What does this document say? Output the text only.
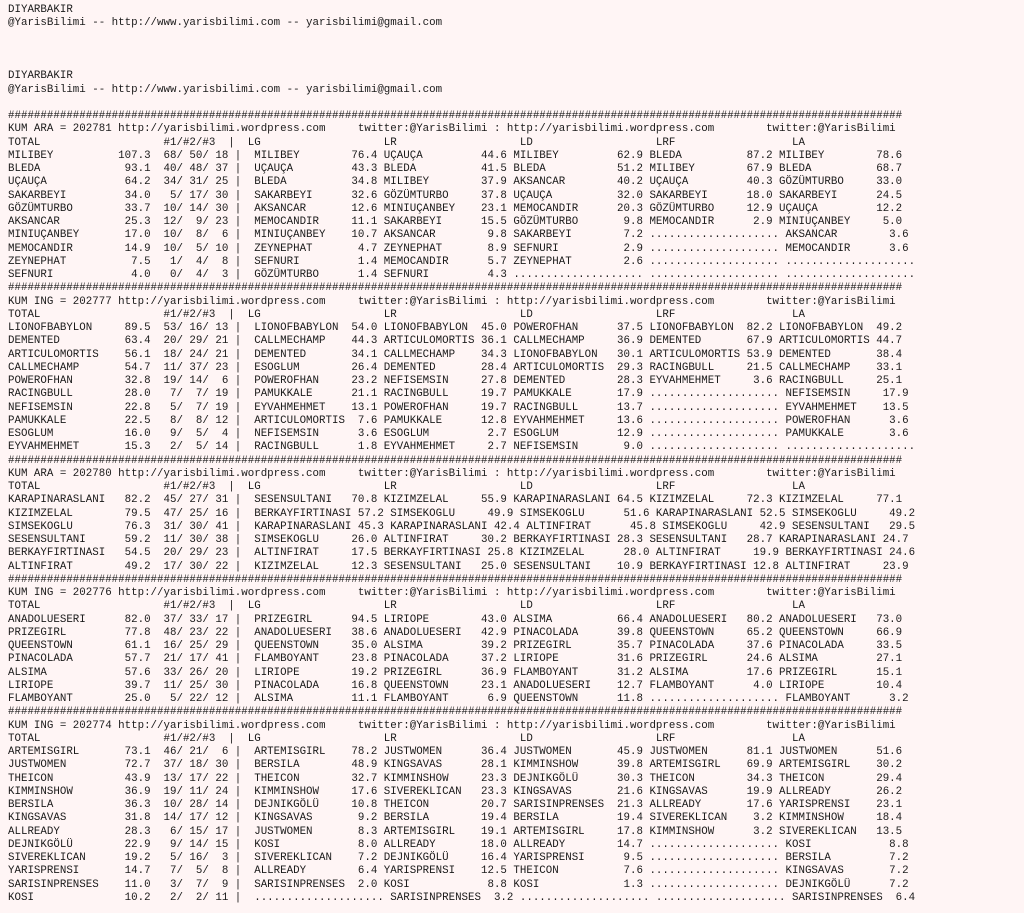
DIYARBAKIR
@YarisBilimi -- http://www.yarisbilimi.com -- yarisbilimi@gmail.com
DIYARBAKIR
@YarisBilimi -- http://www.yarisbilimi.com -- yarisbilimi@gmail.com
##########################################################################################################################################
KUM ARA = 202781 http://yarisbilimi.wordpress.com     twitter:@YarisBilimi : http://yarisbilimi.wordpress.com        twitter:@YarisBilimi
TOTAL                   #1/#2/#3  |  LG                   LR                   LD                   LRF                  LA
MILIBEY          107.3  68/ 50/ 18 |  MILIBEY        76.4 UÇAUÇA         44.6 MILIBEY         62.9 BLEDA          87.2 MILIBEY        78.6
BLEDA             93.1  40/ 48/ 37 |  UÇAUÇA         43.3 BLEDA          41.5 BLEDA           51.2 MILIBEY        67.9 BLEDA          68.7
UÇAUÇA            64.2  34/ 31/ 25 |  BLEDA          34.8 MILIBEY        37.9 AKSANCAR        40.2 UÇAUÇA         40.3 GÖZÜMTURBO     33.0
SAKARBEYI         34.0   5/ 17/ 30 |  SAKARBEYI      32.6 GÖZÜMTURBO     37.8 UÇAUÇA          32.0 SAKARBEYI      18.0 SAKARBEYI      24.5
GÖZÜMTURBO        33.7  10/ 14/ 30 |  AKSANCAR       12.6 MINIUÇANBEY    23.1 MEMOCANDIR      20.3 GÖZÜMTURBO     12.9 UÇAUÇA         12.2
AKSANCAR          25.3  12/  9/ 23 |  MEMOCANDIR     11.1 SAKARBEYI      15.5 GÖZÜMTURBO       9.8 MEMOCANDIR      2.9 MINIUÇANBEY     5.0
MINIUÇANBEY       17.0  10/  8/  6 |  MINIUÇANBEY    10.7 AKSANCAR        9.8 SAKARBEYI        7.2 .................... AKSANCAR        3.6
MEMOCANDIR        14.9  10/  5/ 10 |  ZEYNEPHAT       4.7 ZEYNEPHAT       8.9 SEFNURI          2.9 .................... MEMOCANDIR      3.6
ZEYNEPHAT          7.5   1/  4/  8 |  SEFNURI         1.4 MEMOCANDIR      5.7 ZEYNEPHAT        2.6 .................... ....................
SEFNURI            4.0   0/  4/  3 |  GÖZÜMTURBO      1.4 SEFNURI         4.3 .................... .................... ....................
##########################################################################################################################################
KUM ING = 202777 http://yarisbilimi.wordpress.com     twitter:@YarisBilimi : http://yarisbilimi.wordpress.com        twitter:@YarisBilimi
TOTAL                   #1/#2/#3  |  LG                   LR                   LD                   LRF                  LA
LIONOFBABYLON     89.5  53/ 16/ 13 |  LIONOFBABYLON  54.0 LIONOFBABYLON  45.0 POWEROFHAN      37.5 LIONOFBABYLON  82.2 LIONOFBABYLON  49.2
DEMENTED          63.4  20/ 29/ 21 |  CALLMECHAMP    44.3 ARTICULOMORTIS 36.1 CALLMECHAMP     36.9 DEMENTED       67.9 ARTICULOMORTIS 44.7
ARTICULOMORTIS    56.1  18/ 24/ 21 |  DEMENTED       34.1 CALLMECHAMP    34.3 LIONOFBABYLON   30.1 ARTICULOMORTIS 53.9 DEMENTED       38.4
CALLMECHAMP       54.7  11/ 37/ 23 |  ESOGLUM        26.4 DEMENTED       28.4 ARTICULOMORTIS  29.3 RACINGBULL     21.5 CALLMECHAMP    33.1
POWEROFHAN        32.8  19/ 14/  6 |  POWEROFHAN     23.2 NEFISEMSIN     27.8 DEMENTED        28.3 EYVAHMEHMET     3.6 RACINGBULL     25.1
RACINGBULL        28.0   7/  7/ 19 |  PAMUKKALE      21.1 RACINGBULL     19.7 PAMUKKALE       17.9 .................... NEFISEMSIN     17.9
NEFISEMSIN        22.8   5/  7/ 19 |  EYVAHMEHMET    13.1 POWEROFHAN     19.7 RACINGBULL      13.7 .................... EYVAHMEHMET    13.5
PAMUKKALE         22.5   8/  8/ 12 |  ARTICULOMORTIS  7.6 PAMUKKALE      12.8 EYVAHMEHMET     13.6 .................... POWEROFHAN      3.6
ESOGLUM           16.0   9/  5/  4 |  NEFISEMSIN      3.6 ESOGLUM         2.7 ESOGLUM         12.9 .................... PAMUKKALE       3.6
EYVAHMEHMET       15.3   2/  5/ 14 |  RACINGBULL      1.8 EYVAHMEHMET     2.7 NEFISEMSIN       9.0 .................... ....................
##########################################################################################################################################
KUM ARA = 202780 http://yarisbilimi.wordpress.com     twitter:@YarisBilimi : http://yarisbilimi.wordpress.com        twitter:@YarisBilimi
TOTAL                   #1/#2/#3  |  LG                   LR                   LD                   LRF                  LA
KARAPINARASLANI   82.2  45/ 27/ 31 |  SESENSULTANI   70.8 KIZIMZELAL     55.9 KARAPINARASLANI 64.5 KIZIMZELAL     72.3 KIZIMZELAL     77.1
KIZIMZELAL        79.5  47/ 25/ 16 |  BERKAYFIRTINASI 57.2 SIMSEKOGLU     49.9 SIMSEKOGLU      51.6 KARAPINARASLANI 52.5 SIMSEKOGLU     49.2
SIMSEKOGLU        76.3  31/ 30/ 41 |  KARAPINARASLANI 45.3 KARAPINARASLANI 42.4 ALTINFIRAT      45.8 SIMSEKOGLU     42.9 SESENSULTANI   29.5
SESENSULTANI      59.2  11/ 30/ 38 |  SIMSEKOGLU     26.0 ALTINFIRAT     30.2 BERKAYFIRTINASI 28.3 SESENSULTANI   28.7 KARAPINARASLANI 24.7
BERKAYFIRTINASI   54.5  20/ 29/ 23 |  ALTINFIRAT     17.5 BERKAYFIRTINASI 25.8 KIZIMZELAL      28.0 ALTINFIRAT     19.9 BERKAYFIRTINASI 24.6
ALTINFIRAT        49.2  17/ 30/ 22 |  KIZIMZELAL     12.3 SESENSULTANI   25.0 SESENSULTANI    10.9 BERKAYFIRTINASI 12.8 ALTINFIRAT     23.9
##########################################################################################################################################
KUM ING = 202776 http://yarisbilimi.wordpress.com     twitter:@YarisBilimi : http://yarisbilimi.wordpress.com        twitter:@YarisBilimi
TOTAL                   #1/#2/#3  |  LG                   LR                   LD                   LRF                  LA
ANADOLUESERI      82.0  37/ 33/ 17 |  PRIZEGIRL      94.5 LIRIOPE        43.0 ALSIMA          66.4 ANADOLUESERI   80.2 ANADOLUESERI   73.0
PRIZEGIRL         77.8  48/ 23/ 22 |  ANADOLUESERI   38.6 ANADOLUESERI   42.9 PINACOLADA      39.8 QUEENSTOWN     65.2 QUEENSTOWN     66.9
QUEENSTOWN        61.1  16/ 25/ 29 |  QUEENSTOWN     35.0 ALSIMA         39.2 PRIZEGIRL       35.7 PINACOLADA     37.6 PINACOLADA     33.5
PINACOLADA        57.7  21/ 17/ 41 |  FLAMBOYANT     23.8 PINACOLADA     37.2 LIRIOPE         31.6 PRIZEGIRL      24.6 ALSIMA         27.1
ALSIMA            57.6  33/ 26/ 20 |  LIRIOPE        19.2 PRIZEGIRL      36.9 FLAMBOYANT      31.2 ALSIMA         17.6 PRIZEGIRL      15.1
LIRIOPE           39.7  11/ 25/ 30 |  PINACOLADA     16.8 QUEENSTOWN     23.1 ANADOLUESERI    12.7 FLAMBOYANT      4.0 LIRIOPE        10.4
FLAMBOYANT        25.0   5/ 22/ 12 |  ALSIMA         11.1 FLAMBOYANT      6.9 QUEENSTOWN      11.8 .................... FLAMBOYANT      3.2
##########################################################################################################################################
KUM ING = 202774 http://yarisbilimi.wordpress.com     twitter:@YarisBilimi : http://yarisbilimi.wordpress.com        twitter:@YarisBilimi
TOTAL                   #1/#2/#3  |  LG                   LR                   LD                   LRF                  LA
ARTEMISGIRL       73.1  46/ 21/  6 |  ARTEMISGIRL    78.2 JUSTWOMEN      36.4 JUSTWOMEN       45.9 JUSTWOMEN      81.1 JUSTWOMEN      51.6
JUSTWOMEN         72.7  37/ 18/ 30 |  BERSILA        48.9 KINGSAVAS      28.1 KIMMINSHOW      39.8 ARTEMISGIRL    69.9 ARTEMISGIRL    30.2
THEICON           43.9  13/ 17/ 22 |  THEICON        32.7 KIMMINSHOW     23.3 DEJNIKGÖLÜ      30.3 THEICON        34.3 THEICON        29.4
KIMMINSHOW        36.9  19/ 11/ 24 |  KIMMINSHOW     17.6 SIVEREKLICAN   23.3 KINGSAVAS       21.6 KINGSAVAS      19.9 ALLREADY       26.2
BERSILA           36.3  10/ 28/ 14 |  DEJNIKGÖLÜ     10.8 THEICON        20.7 SARISINPRENSES  21.3 ALLREADY       17.6 YARISPRENSI    23.1
KINGSAVAS         31.8  14/ 17/ 12 |  KINGSAVAS       9.2 BERSILA        19.4 BERSILA         19.4 SIVEREKLICAN    3.2 KIMMINSHOW     18.4
ALLREADY          28.3   6/ 15/ 17 |  JUSTWOMEN       8.3 ARTEMISGIRL    19.1 ARTEMISGIRL     17.8 KIMMINSHOW      3.2 SIVEREKLICAN   13.5
DEJNIKGÖLÜ        22.9   9/ 14/ 15 |  KOSI            8.0 ALLREADY       18.0 ALLREADY        14.7 .................... KOSI            8.8
SIVEREKLICAN      19.2   5/ 16/  3 |  SIVEREKLICAN    7.2 DEJNIKGÖLÜ     16.4 YARISPRENSI      9.5 .................... BERSILA         7.2
YARISPRENSI       14.7   7/  5/  8 |  ALLREADY        6.4 YARISPRENSI    12.5 THEICON          7.6 .................... KINGSAVAS       7.2
SARISINPRENSES    11.0   3/  7/  9 |  SARISINPRENSES  2.0 KOSI            8.8 KOSI             1.3 .................... DEJNIKGÖLÜ      7.2
KOSI              10.2   2/  2/ 11 |  .................... SARISINPRENSES  3.2 .................... .................... SARISINPRENSES  6.4
